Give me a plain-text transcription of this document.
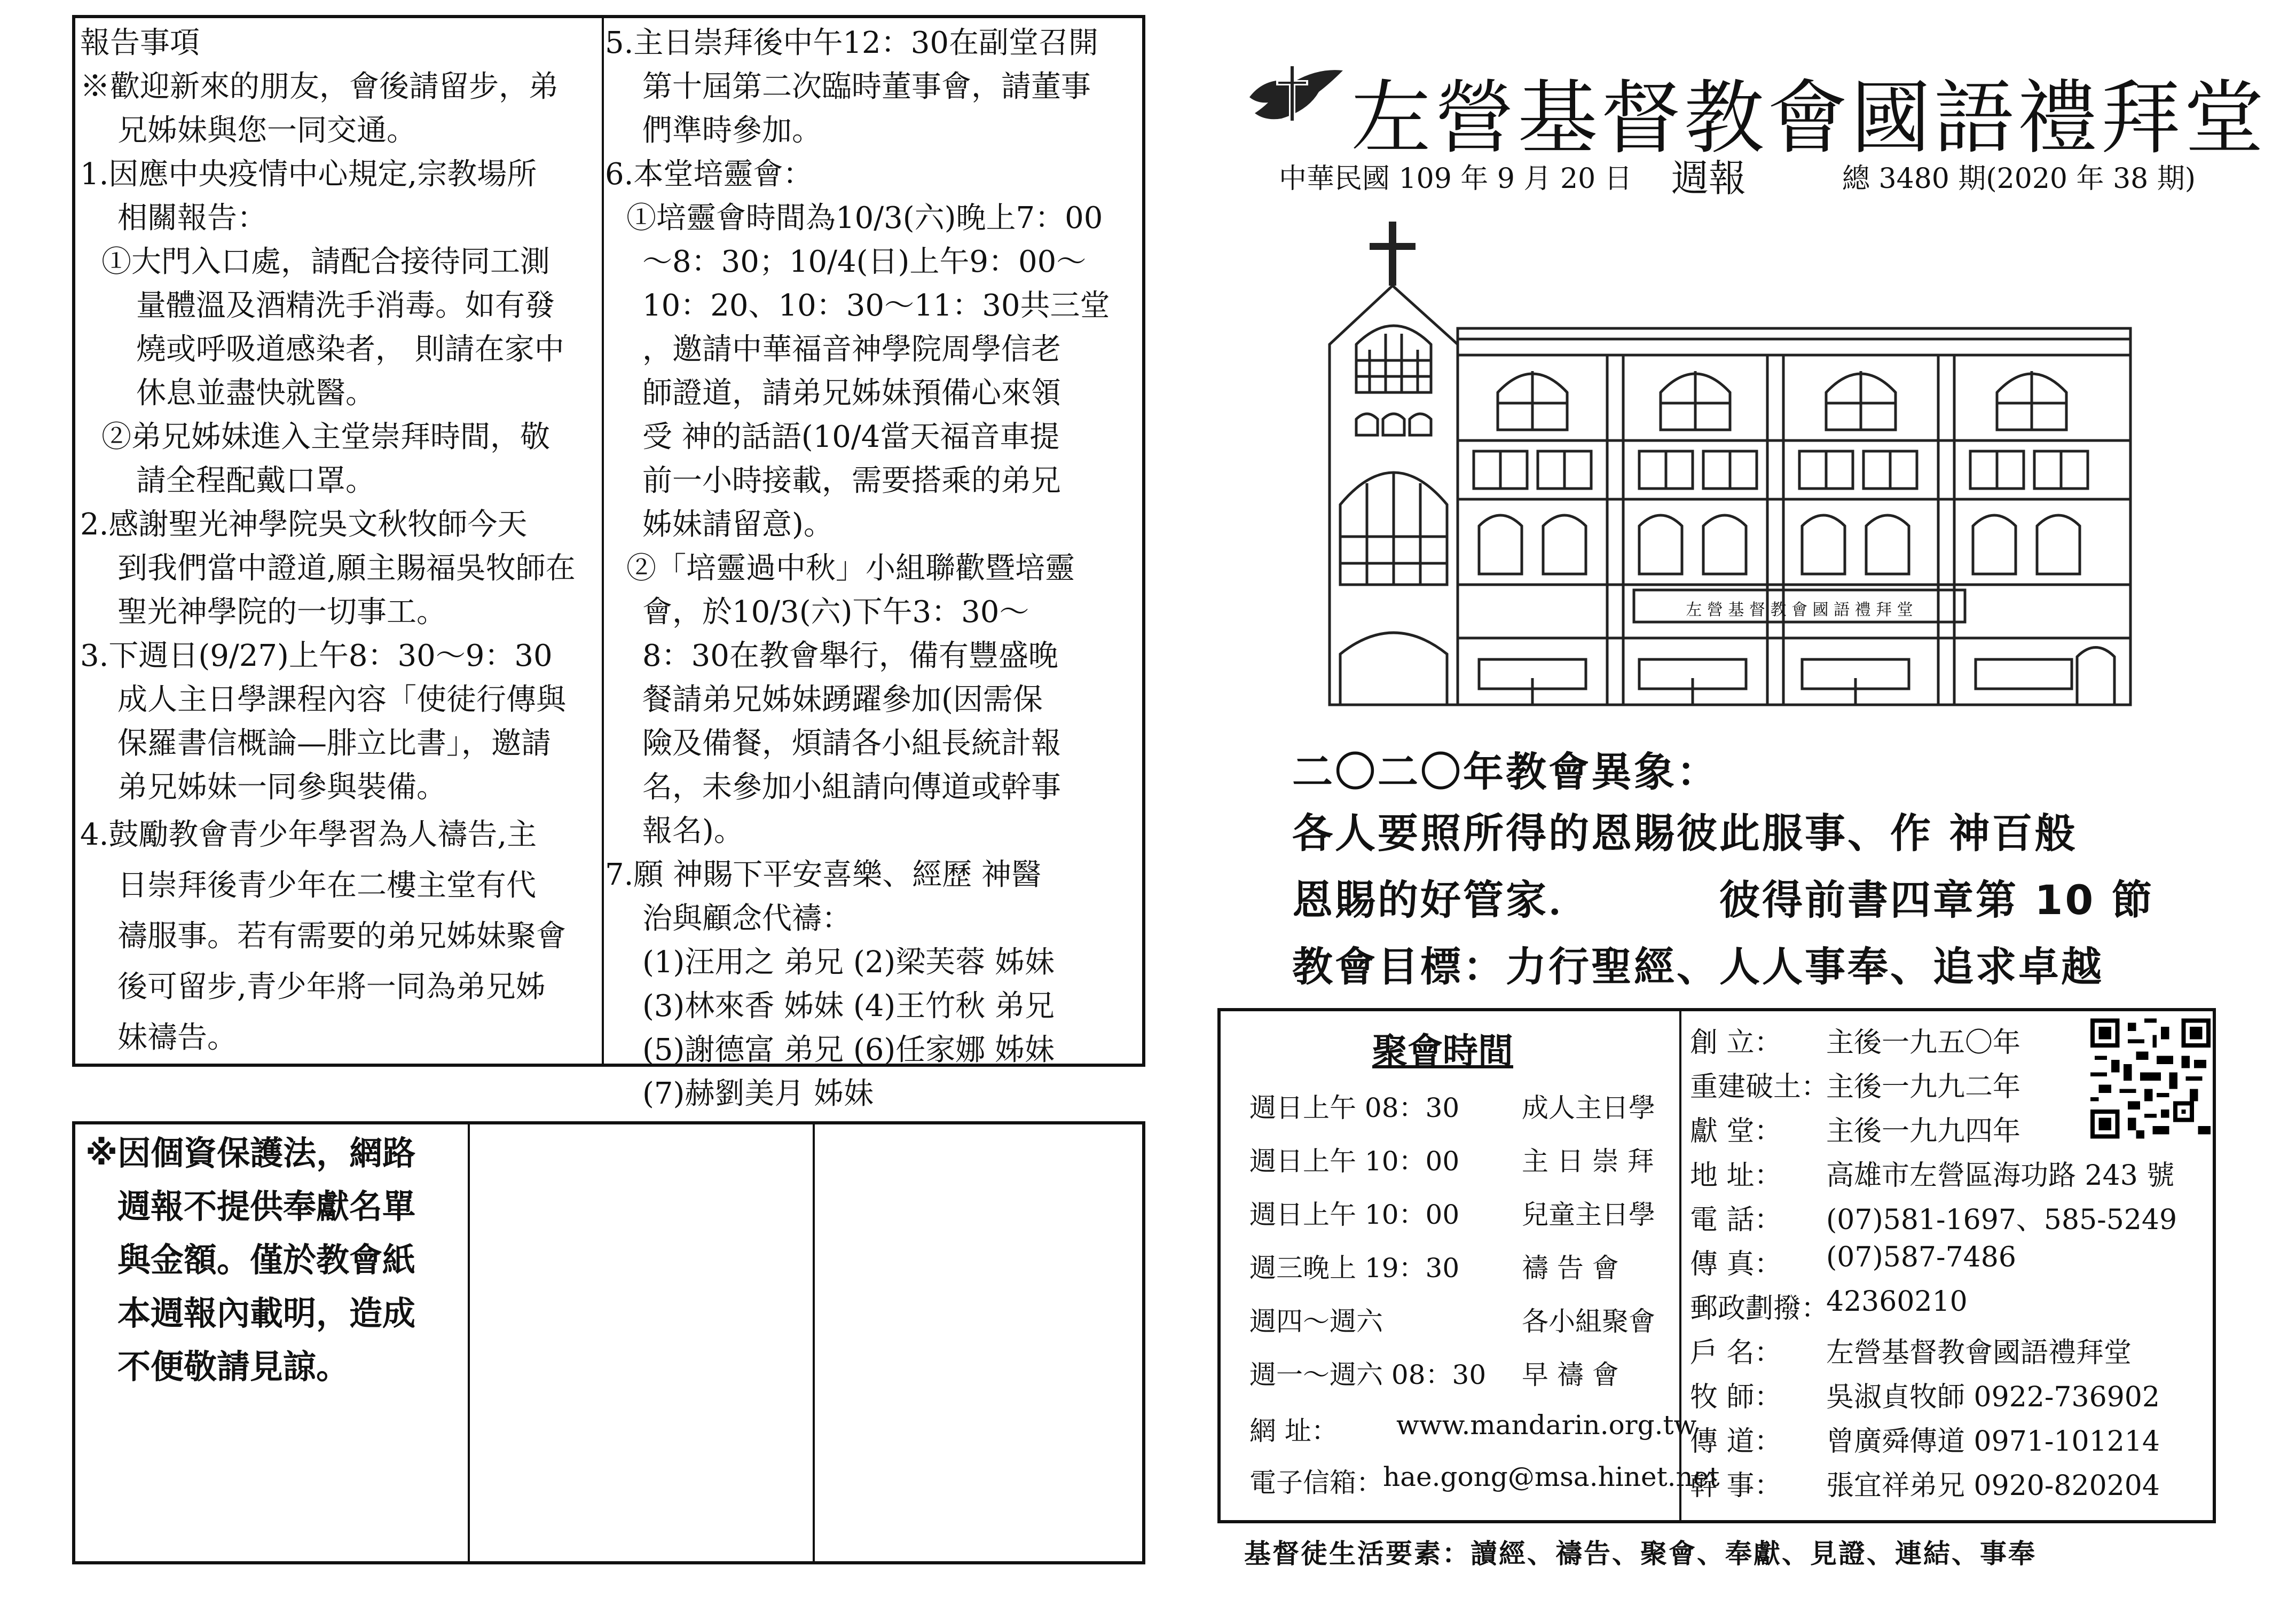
報告事項
※歡迎新來的朋友，會後請留步，弟
兄姊妹與您一同交通。
1.因應中央疫情中心規定,宗教場所
相關報告：
①大門入口處，請配合接待同工測
量體溫及酒精洗手消毒。如有發
燒或呼吸道感染者， 則請在家中
休息並盡快就醫。
②弟兄姊妹進入主堂崇拜時間，敬
請全程配戴口罩。
2.感謝聖光神學院吳文秋牧師今天
到我們當中證道,願主賜福吳牧師在
聖光神學院的一切事工。
3.下週日(9/27)上午8：30～9：30
成人主日學課程內容「使徒行傳與
保羅書信概論—腓立比書」，邀請
弟兄姊妹一同參與裝備。
4.鼓勵教會青少年學習為人禱告,主
日崇拜後青少年在二樓主堂有代
禱服事。若有需要的弟兄姊妹聚會
後可留步,青少年將一同為弟兄姊
妹禱告。
5.主日崇拜後中午12：30在副堂召開
第十屆第二次臨時董事會，請董事
們準時參加。
6.本堂培靈會：
①培靈會時間為10/3(六)晚上7：00
～8：30；10/4(日)上午9：00～
10：20、10：30～11：30共三堂
，邀請中華福音神學院周學信老
師證道，請弟兄姊妹預備心來領
受 神的話語(10/4當天福音車提
前一小時接載，需要搭乘的弟兄
姊妹請留意)。
②「培靈過中秋」小組聯歡暨培靈
會，於10/3(六)下午3：30～
8：30在教會舉行，備有豐盛晚
餐請弟兄姊妹踴躍參加(因需保
險及備餐，煩請各小組長統計報
名，未參加小組請向傳道或幹事
報名)。
7.願 神賜下平安喜樂、經歷 神醫
治與顧念代禱：
(1)汪用之 弟兄 (2)梁芙蓉 姊妹
(3)林來香 姊妹 (4)王竹秋 弟兄
(5)謝德富 弟兄 (6)任家娜 姊妹
(7)赫劉美月 姊妹
※因個資保護法，網路
週報不提供奉獻名單
與金額。僅於教會紙
本週報內載明，造成
不便敬請見諒。
左營基督教會國語禮拜堂
中華民國 109 年 9 月 20 日 週報	總 3480 期(2020 年 38 期)
左 營 基 督 教 會 國 語 禮 拜 堂
二〇二〇年教會異象：
各人要照所得的恩賜彼此服事、作 神百般
恩賜的好管家．	彼得前書四章第 10 節
教會目標：力行聖經、人人事奉、追求卓越
聚會時間
週日上午 08：30 成人主日學
週日上午 10：00 主 日 崇 拜
週日上午 10：00 兒童主日學
週三晚上 19：30 禱 告 會
週四～週六	各小組聚會
週一～週六 08：30 早 禱 會
網 址： www.mandarin.org.tw
電子信箱： hae.gong@msa.hinet.net
創 立： 主後一九五〇年
重建破土：
主後一九九二年
獻 堂： 主後一九九四年
地 址： 高雄市左營區海功路 243 號
電 話： (07)581-1697、585-5249
傳 真： (07)587-7486
郵政劃撥：
42360210
戶 名： 左營基督教會國語禮拜堂
牧 師： 吳淑貞牧師 0922-736902
傳 道： 曾廣舜傳道 0971-101214
幹 事： 張宜祥弟兄 0920-820204
基督徒生活要素：讀經、禱告、聚會、奉獻、見證、連結、事奉
